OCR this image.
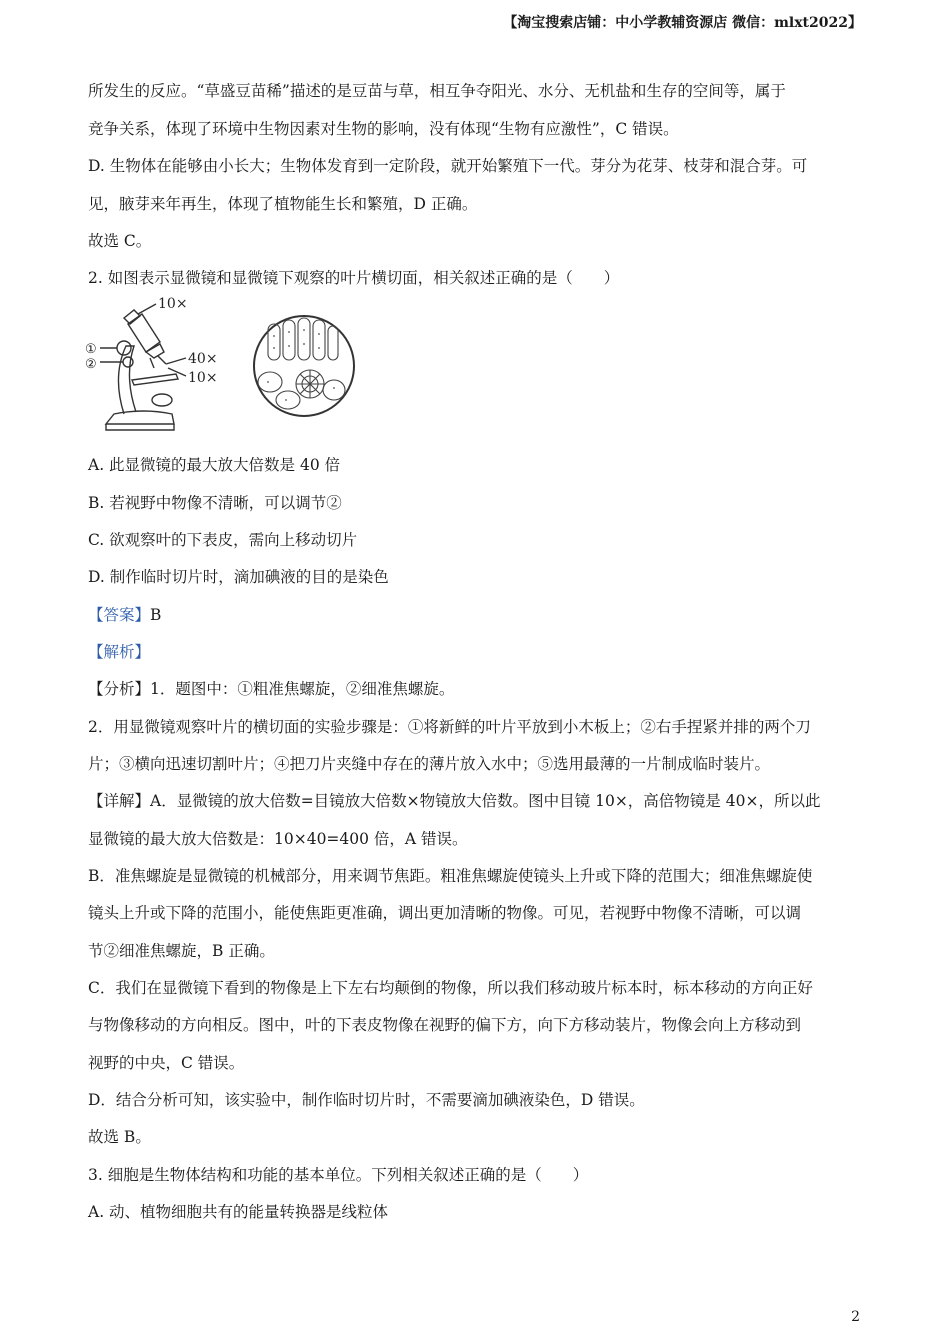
【淘宝搜索店铺：中小学教辅资源店 微信：mlxt2022】
所发生的反应。“草盛豆苗稀”描述的是豆苗与草，相互争夺阳光、水分、无机盐和生存的空间等，属于
竞争关系，体现了环境中生物因素对生物的影响，没有体现“生物有应激性”，C 错误。
D. 生物体在能够由小长大；生物体发育到一定阶段，就开始繁殖下一代。芽分为花芽、枝芽和混合芽。可
见，腋芽来年再生，体现了植物能生长和繁殖，D 正确。
故选 C。
2. 如图表示显微镜和显微镜下观察的叶片横切面，相关叙述正确的是（　　）
10×
①
②	40×
10×
A. 此显微镜的最大放大倍数是 40 倍
B. 若视野中物像不清晰，可以调节②
C. 欲观察叶的下表皮，需向上移动切片
D. 制作临时切片时，滴加碘液的目的是染色
【答案】B
【解析】
【分析】1．题图中：①粗准焦螺旋，②细准焦螺旋。
2．用显微镜观察叶片的横切面的实验步骤是：①将新鲜的叶片平放到小木板上；②右手捏紧并排的两个刀
片；③横向迅速切割叶片；④把刀片夹缝中存在的薄片放入水中；⑤选用最薄的一片制成临时装片。
【详解】A．显微镜的放大倍数=目镜放大倍数×物镜放大倍数。图中目镜 10×，高倍物镜是 40×，所以此
显微镜的最大放大倍数是：10×40=400 倍，A 错误。
B．准焦螺旋是显微镜的机械部分，用来调节焦距。粗准焦螺旋使镜头上升或下降的范围大；细准焦螺旋使
镜头上升或下降的范围小，能使焦距更准确，调出更加清晰的物像。可见，若视野中物像不清晰，可以调
节②细准焦螺旋，B 正确。
C．我们在显微镜下看到的物像是上下左右均颠倒的物像，所以我们移动玻片标本时，标本移动的方向正好
与物像移动的方向相反。图中，叶的下表皮物像在视野的偏下方，向下方移动装片，物像会向上方移动到
视野的中央，C 错误。
D．结合分析可知，该实验中，制作临时切片时，不需要滴加碘液染色，D 错误。
故选 B。
3. 细胞是生物体结构和功能的基本单位。下列相关叙述正确的是（　　）
A. 动、植物细胞共有的能量转换器是线粒体
2
